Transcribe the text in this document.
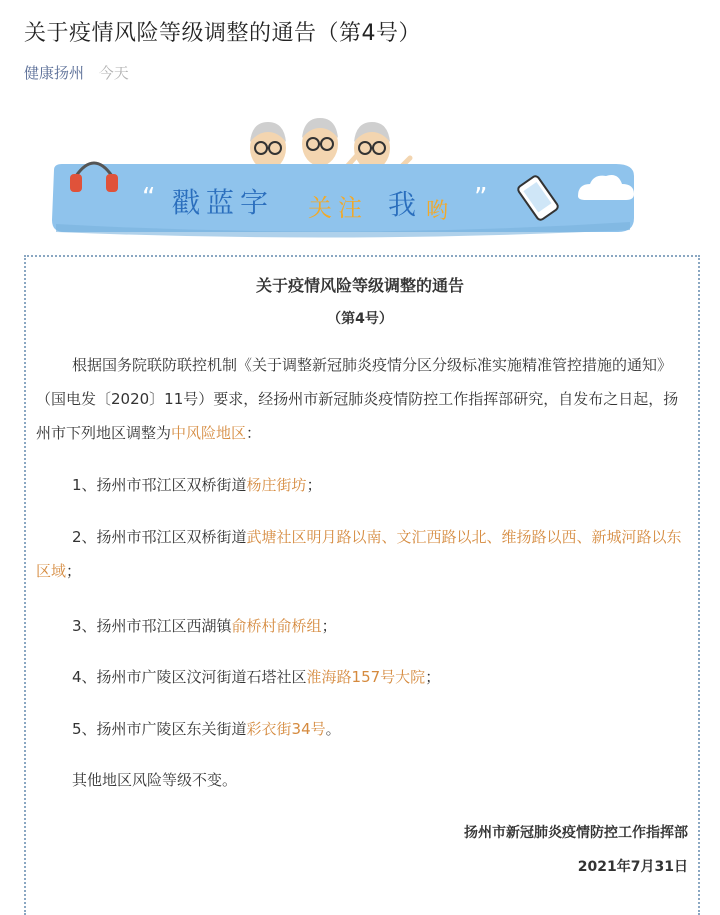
关于疫情风险等级调整的通告（第4号）
健康扬州 今天
“ 戳蓝字 关注 我 哟 ”
关于疫情风险等级调整的通告
（第4号）

根据国务院联防联控机制《关于调整新冠肺炎疫情分区分级标准实施精准管控措施的通知》（国电发〔2020〕11号）要求，经扬州市新冠肺炎疫情防控工作指挥部研究，自发布之日起，扬州市下列地区调整为中风险地区：

1、扬州市邗江区双桥街道杨庄街坊；

2、扬州市邗江区双桥街道武塘社区明月路以南、文汇西路以北、维扬路以西、新城河路以东区域；

3、扬州市邗江区西湖镇俞桥村俞桥组；

4、扬州市广陵区汶河街道石塔社区淮海路157号大院；

5、扬州市广陵区东关街道彩衣街34号。

其他地区风险等级不变。

扬州市新冠肺炎疫情防控工作指挥部
2021年7月31日
